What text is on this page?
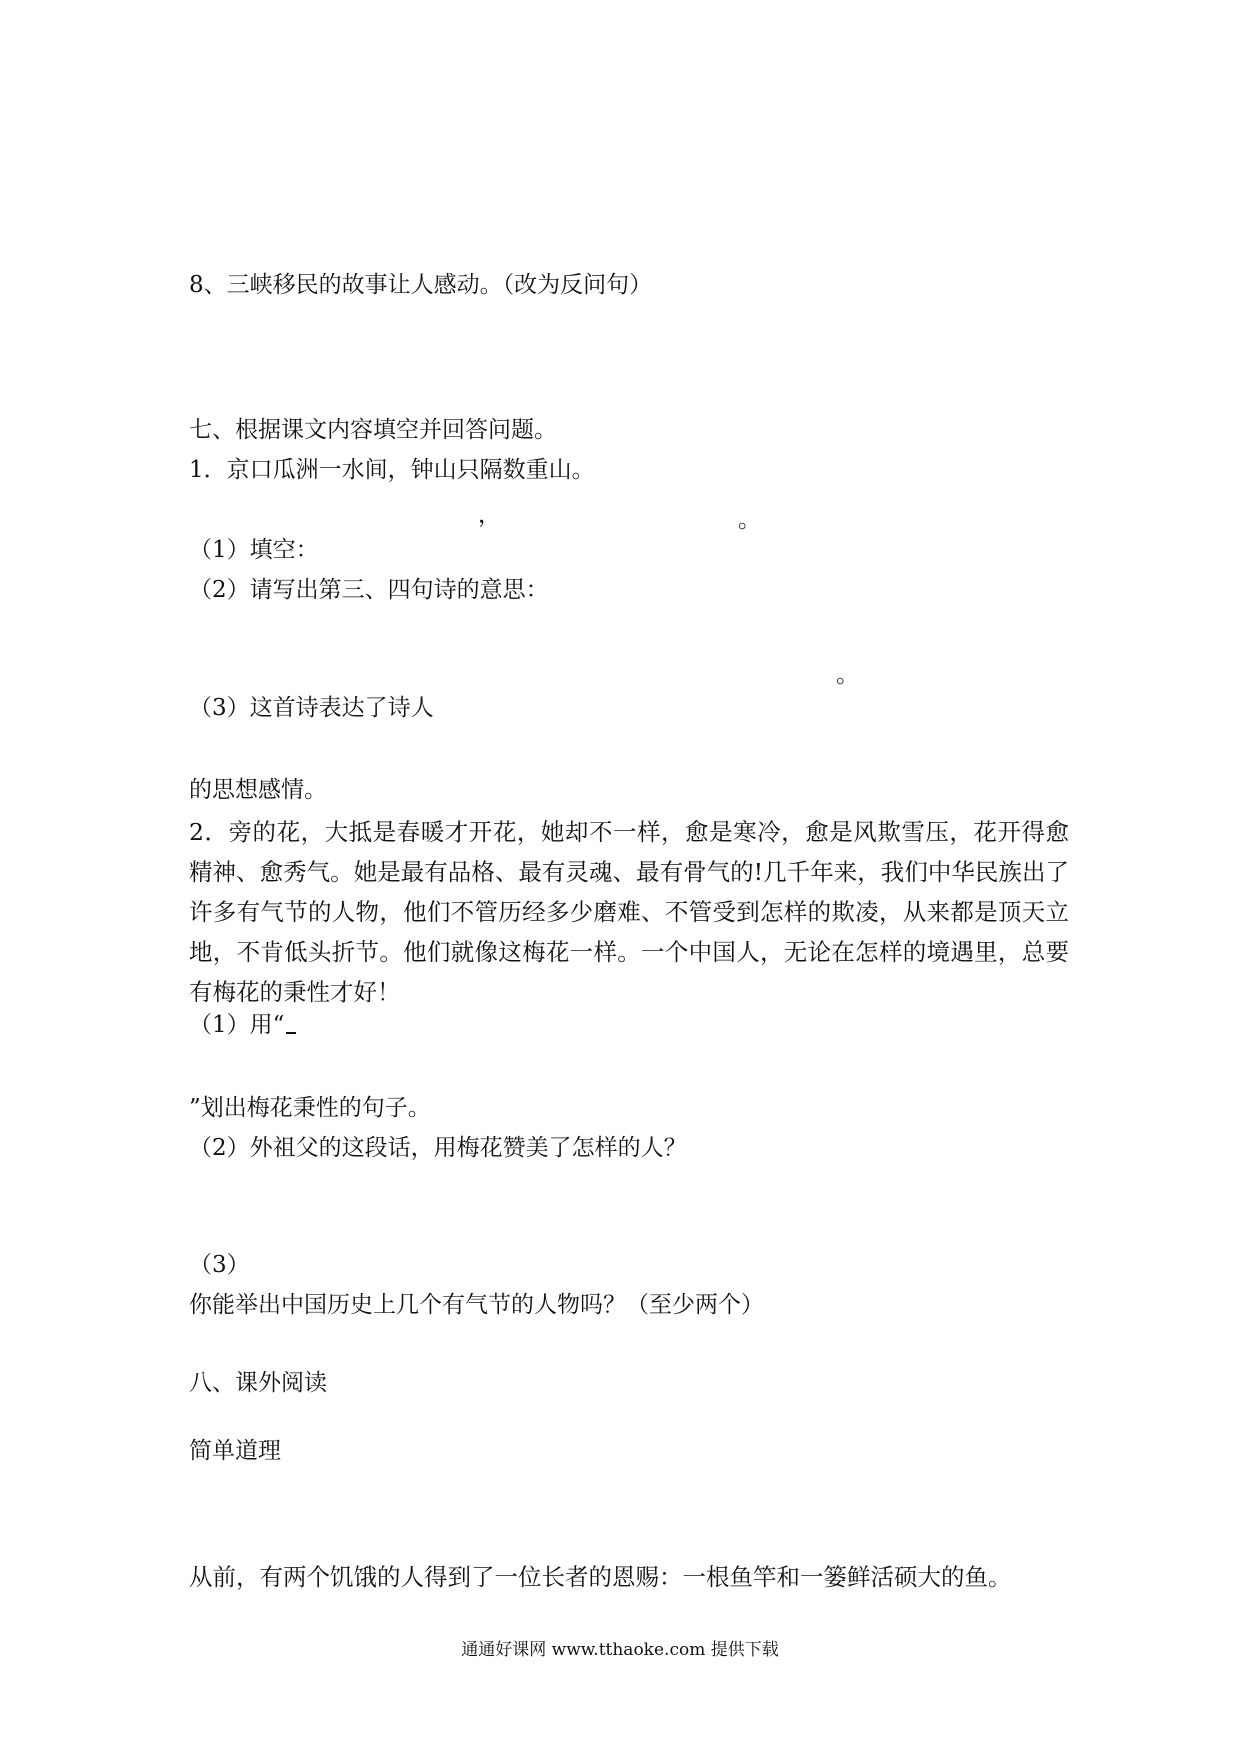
8、三峡移民的故事让人感动。（改为反问句）
七、根据课文内容填空并回答问题。
1．京口瓜洲一水间，钟山只隔数重山。
，	。
（1）填空：
（2）请写出第三、四句诗的意思：
。
（3）这首诗表达了诗人
的思想感情。
2．旁的花，大抵是春暖才开花，她却不一样，愈是寒冷，愈是风欺雪压，花开得愈精神、愈秀气。她是最有品格、最有灵魂、最有骨气的!几千年来，我们中华民族出了许多有气节的人物，他们不管历经多少磨难、不管受到怎样的欺凌，从来都是顶天立地，不肯低头折节。他们就像这梅花一样。一个中国人，无论在怎样的境遇里，总要有梅花的秉性才好！
（1）用“
”划出梅花秉性的句子。
（2）外祖父的这段话，用梅花赞美了怎样的人？
（3）
你能举出中国历史上几个有气节的人物吗？（至少两个）
八、课外阅读
简单道理
从前，有两个饥饿的人得到了一位长者的恩赐：一根鱼竿和一篓鲜活硕大的鱼。
通通好课网 www.tthaoke.com 提供下载
